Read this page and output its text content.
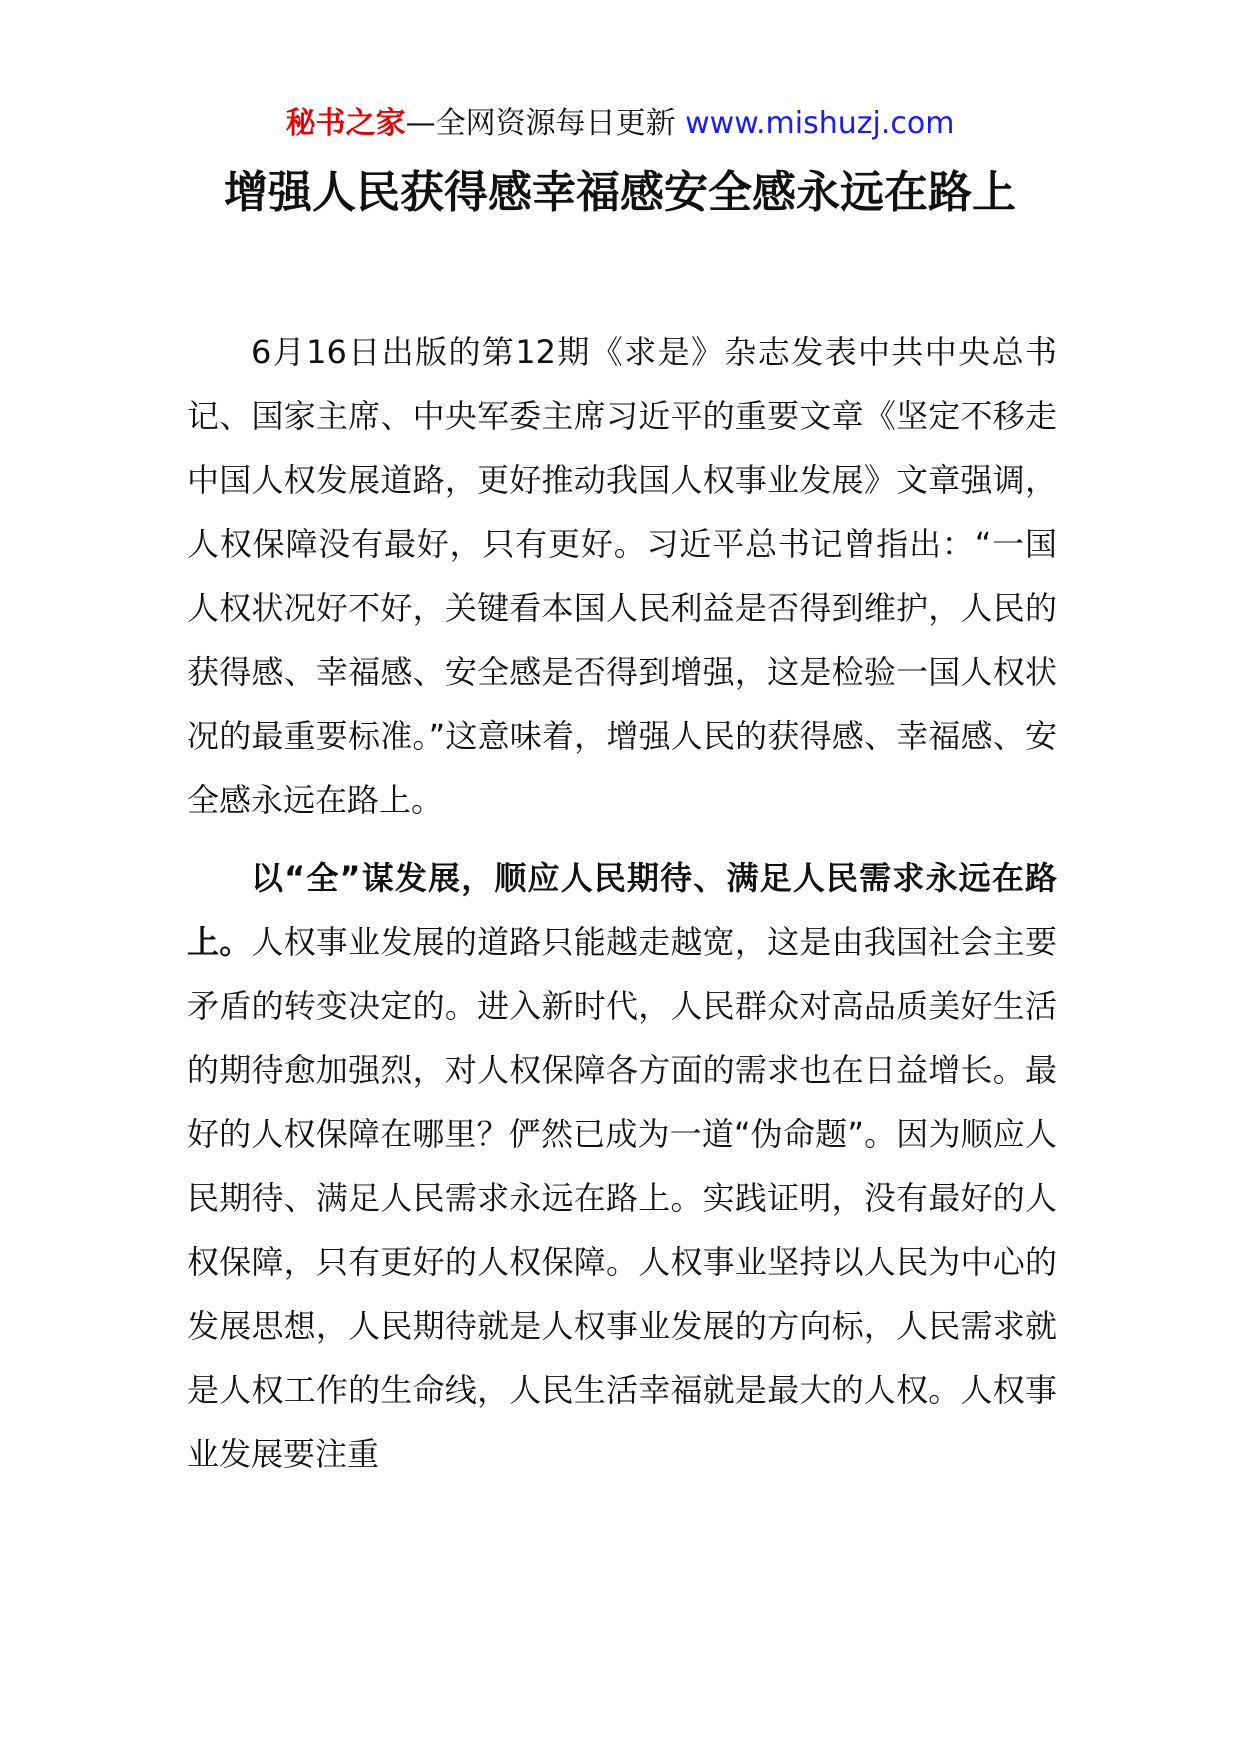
秘书之家—全网资源每日更新 www.mishuzj.com
增强人民获得感幸福感安全感永远在路上

6月16日出版的第12期《求是》杂志发表中共中央总书记、国家主席、中央军委主席习近平的重要文章《坚定不移走中国人权发展道路，更好推动我国人权事业发展》文章强调，人权保障没有最好，只有更好。习近平总书记曾指出：“一国人权状况好不好，关键看本国人民利益是否得到维护，人民的获得感、幸福感、安全感是否得到增强，这是检验一国人权状况的最重要标准。”这意味着，增强人民的获得感、幸福感、安全感永远在路上。

以“全”谋发展，顺应人民期待、满足人民需求永远在路上。人权事业发展的道路只能越走越宽，这是由我国社会主要矛盾的转变决定的。进入新时代，人民群众对高品质美好生活的期待愈加强烈，对人权保障各方面的需求也在日益增长。最好的人权保障在哪里？俨然已成为一道“伪命题”。因为顺应人民期待、满足人民需求永远在路上。实践证明，没有最好的人权保障，只有更好的人权保障。人权事业坚持以人民为中心的发展思想，人民期待就是人权事业发展的方向标，人民需求就是人权工作的生命线，人民生活幸福就是最大的人权。人权事业发展要注重
